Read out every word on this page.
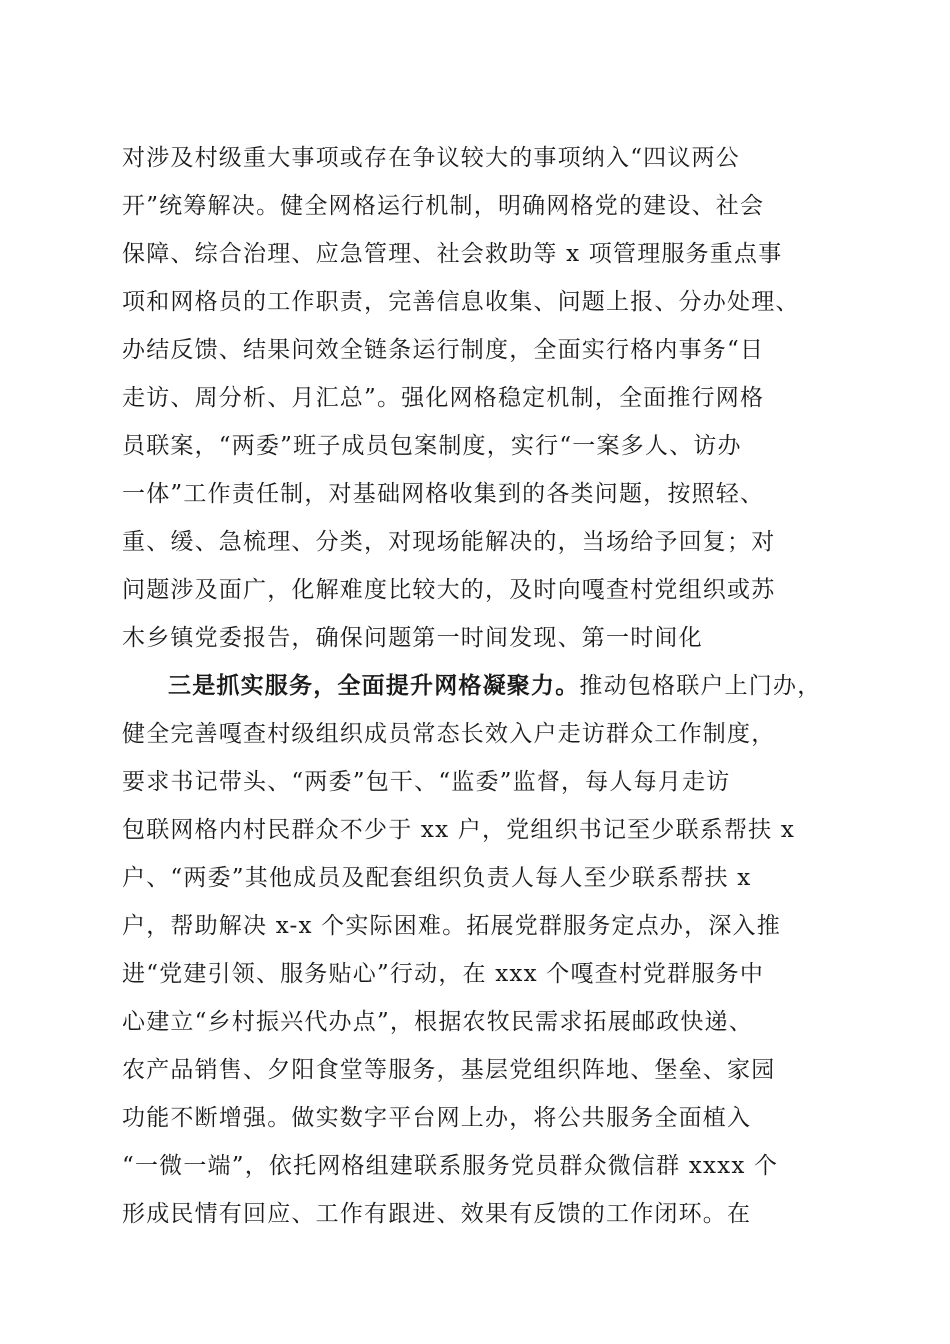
对涉及村级重大事项或存在争议较大的事项纳入“四议两公
开”统筹解决。健全网格运行机制，明确网格党的建设、社会
保障、综合治理、应急管理、社会救助等 x 项管理服务重点事
项和网格员的工作职责，完善信息收集、问题上报、分办处理、
办结反馈、结果问效全链条运行制度，全面实行格内事务“日
走访、周分析、月汇总”。强化网格稳定机制，全面推行网格
员联案，“两委”班子成员包案制度，实行“一案多人、访办
一体”工作责任制，对基础网格收集到的各类问题，按照轻、
重、缓、急梳理、分类，对现场能解决的，当场给予回复；对
问题涉及面广，化解难度比较大的，及时向嘎查村党组织或苏
木乡镇党委报告，确保问题第一时间发现、第一时间化
三是抓实服务，全面提升网格凝聚力。推动包格联户上门办，
健全完善嘎查村级组织成员常态长效入户走访群众工作制度，
要求书记带头、“两委”包干、“监委”监督，每人每月走访
包联网格内村民群众不少于 xx 户，党组织书记至少联系帮扶 x
户、“两委”其他成员及配套组织负责人每人至少联系帮扶 x
户，帮助解决 x-x 个实际困难。拓展党群服务定点办，深入推
进“党建引领、服务贴心”行动，在 xxx 个嘎查村党群服务中
心建立“乡村振兴代办点”，根据农牧民需求拓展邮政快递、
农产品销售、夕阳食堂等服务，基层党组织阵地、堡垒、家园
功能不断增强。做实数字平台网上办，将公共服务全面植入
“一微一端”，依托网格组建联系服务党员群众微信群 xxxx 个
形成民情有回应、工作有跟进、效果有反馈的工作闭环。在
